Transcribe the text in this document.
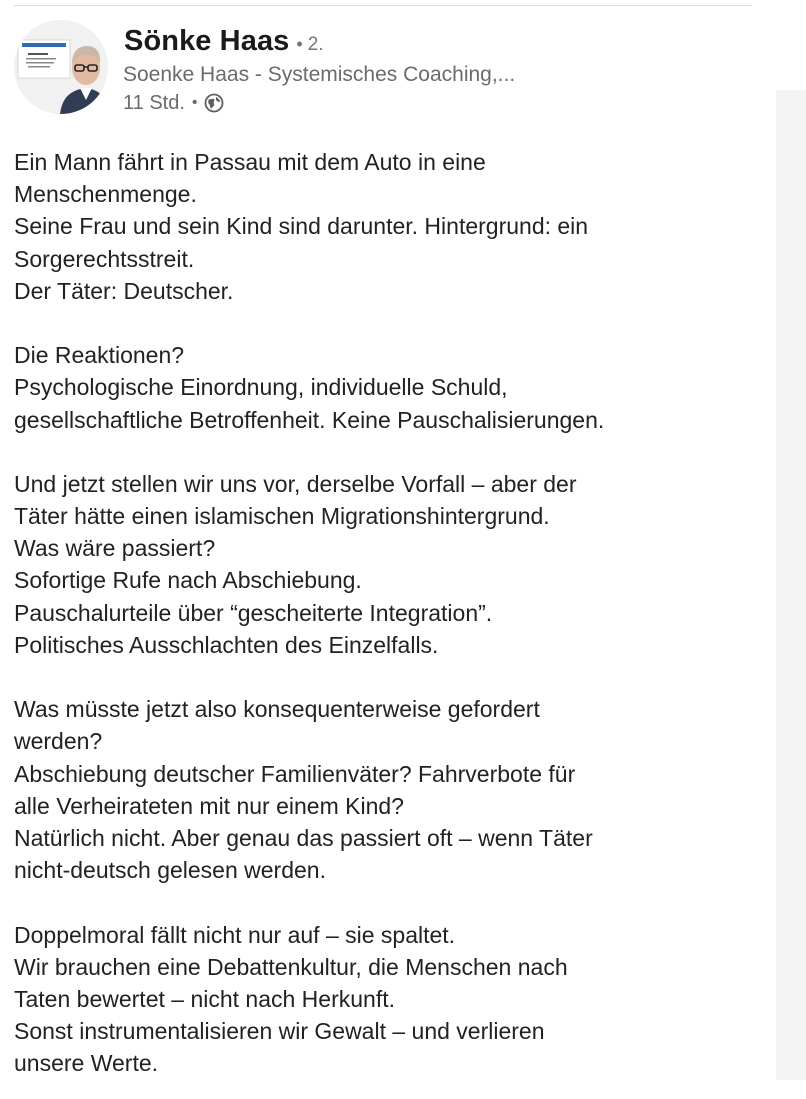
Sönke Haas • 2.
Soenke Haas - Systemisches Coaching,...
11 Std. •
Ein Mann fährt in Passau mit dem Auto in eine
Menschenmenge.
Seine Frau und sein Kind sind darunter. Hintergrund: ein
Sorgerechtsstreit.
Der Täter: Deutscher.
Die Reaktionen?
Psychologische Einordnung, individuelle Schuld,
gesellschaftliche Betroffenheit. Keine Pauschalisierungen.
Und jetzt stellen wir uns vor, derselbe Vorfall – aber der
Täter hätte einen islamischen Migrationshintergrund.
Was wäre passiert?
Sofortige Rufe nach Abschiebung.
Pauschalurteile über “gescheiterte Integration”.
Politisches Ausschlachten des Einzelfalls.
Was müsste jetzt also konsequenterweise gefordert
werden?
Abschiebung deutscher Familienväter? Fahrverbote für
alle Verheirateten mit nur einem Kind?
Natürlich nicht. Aber genau das passiert oft – wenn Täter
nicht-deutsch gelesen werden.
Doppelmoral fällt nicht nur auf – sie spaltet.
Wir brauchen eine Debattenkultur, die Menschen nach
Taten bewertet – nicht nach Herkunft.
Sonst instrumentalisieren wir Gewalt – und verlieren
unsere Werte.
